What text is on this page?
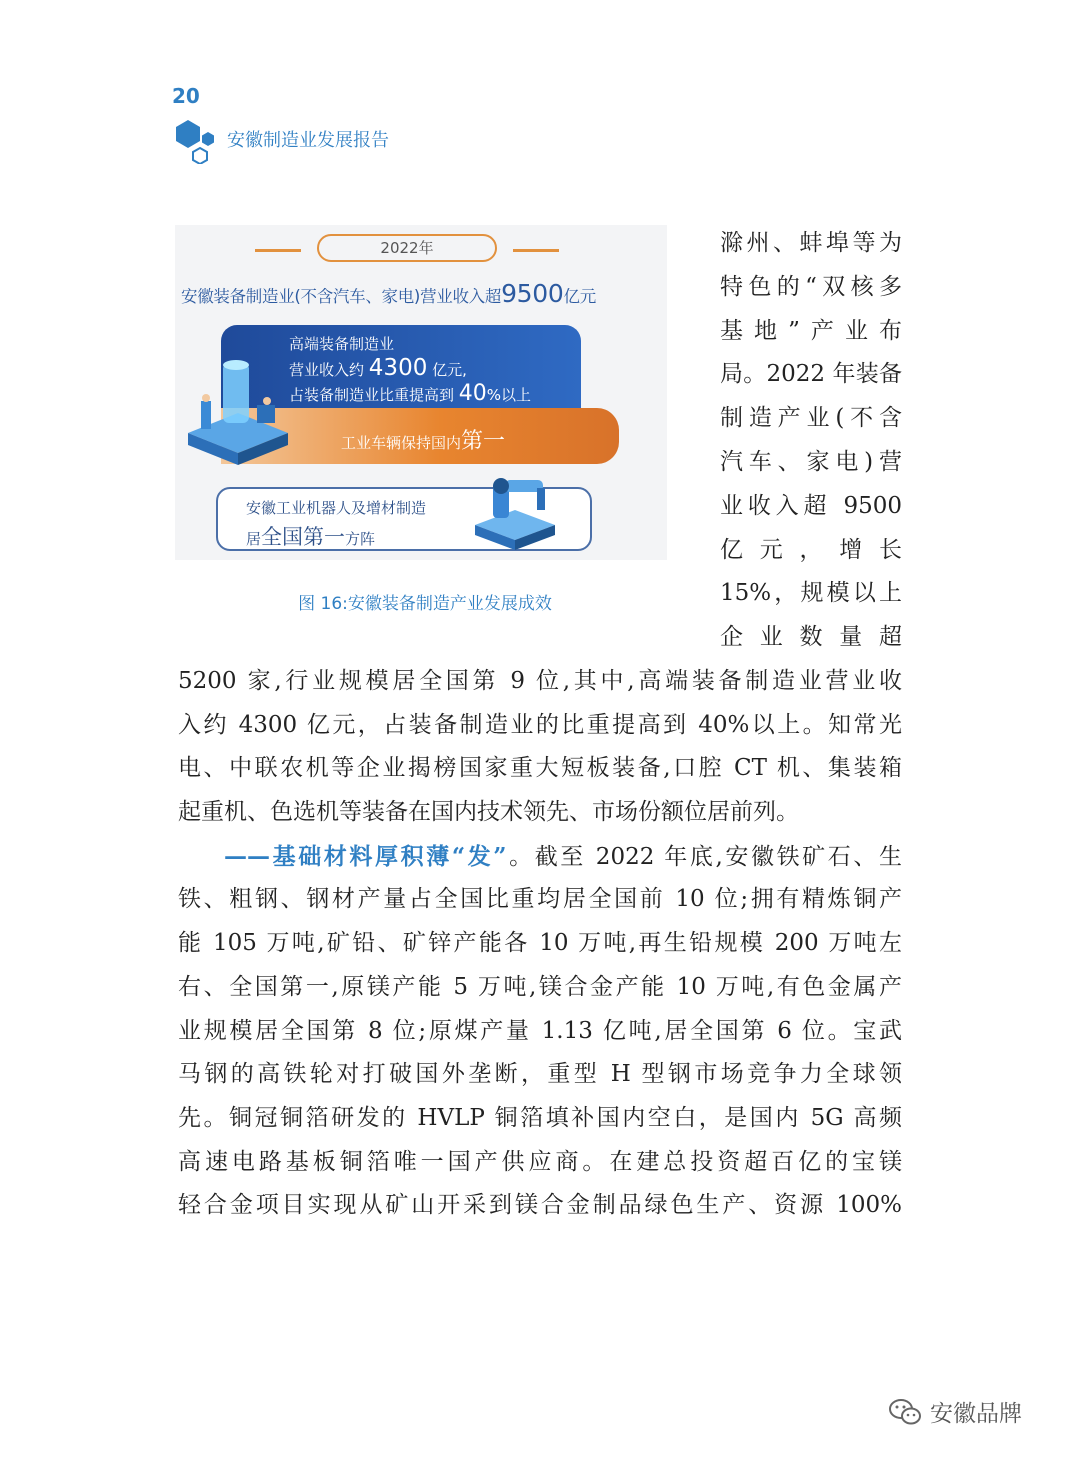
20
安徽制造业发展报告
2022年
安徽装备制造业(不含汽车、家电)营业收入超9500亿元
高端装备制造业
营业收入约 4300 亿元,
占装备制造业比重提高到 40%以上
工业车辆保持国内第一
安徽工业机器人及增材制造
居全国第一方阵
图 16:安徽装备制造产业发展成效
滁州、蚌埠等为
特色的“双核多
基地”产业布
局。2022 年装备
制造产业(不含
汽车、家电)营
业收入超 9500
亿元，增长
15%，规模以上
企业数量超
5200 家,行业规模居全国第 9 位,其中,高端装备制造业营业收
入约 4300 亿元，占装备制造业的比重提高到 40%以上。知常光
电、中联农机等企业揭榜国家重大短板装备,口腔 CT 机、集装箱
起重机、色选机等装备在国内技术领先、市场份额位居前列。
——基础材料厚积薄“发”。截至 2022 年底,安徽铁矿石、生
铁、粗钢、钢材产量占全国比重均居全国前 10 位;拥有精炼铜产
能 105 万吨,矿铅、矿锌产能各 10 万吨,再生铅规模 200 万吨左
右、全国第一,原镁产能 5 万吨,镁合金产能 10 万吨,有色金属产
业规模居全国第 8 位;原煤产量 1.13 亿吨,居全国第 6 位。宝武
马钢的高铁轮对打破国外垄断，重型 H 型钢市场竞争力全球领
先。铜冠铜箔研发的 HVLP 铜箔填补国内空白，是国内 5G 高频
高速电路基板铜箔唯一国产供应商。在建总投资超百亿的宝镁
轻合金项目实现从矿山开采到镁合金制品绿色生产、资源 100%
安徽品牌
